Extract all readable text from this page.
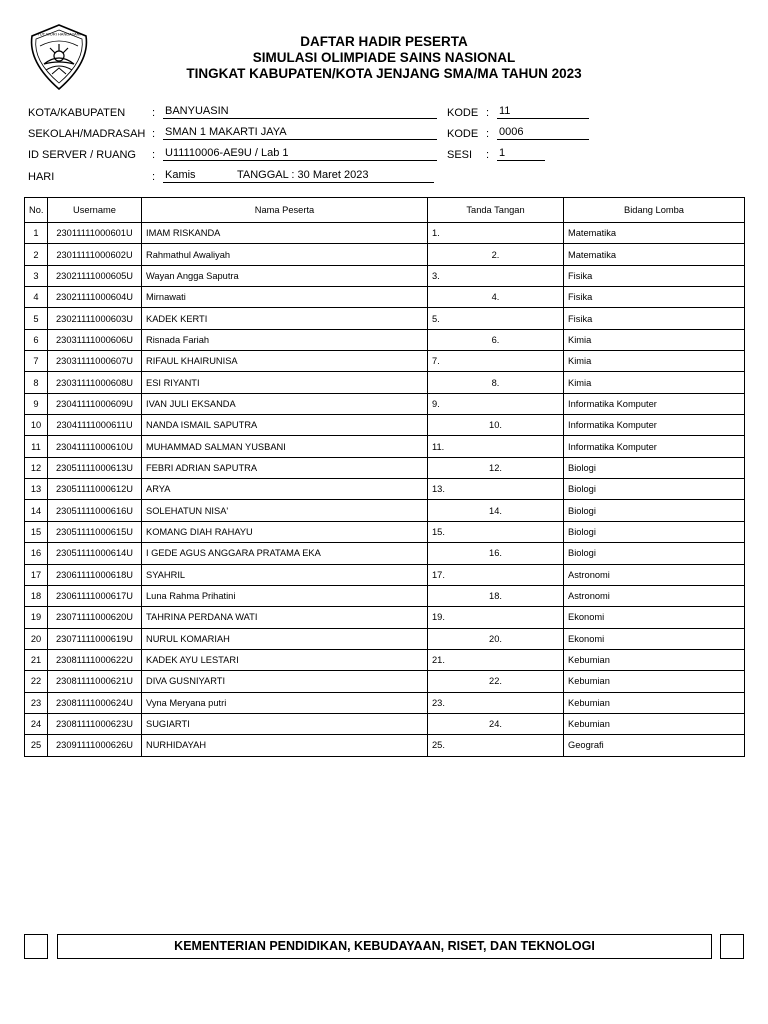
TUT WURI HANDAYANI	DAFTAR HADIR PESERTA
SIMULASI OLIMPIADE SAINS NASIONAL
TINGKAT KABUPATEN/KOTA JENJANG SMA/MA TAHUN 2023
KOTA/KABUPATEN : BANYUASIN
SEKOLAH/MADRASAH : SMAN 1 MAKARTI JAYA
ID SERVER / RUANG : U11110006-AE9U / Lab 1
HARI	: Kamis	TANGGAL : 30 Maret 2023
KODE : 11
KODE : 0006
SESI : 1
No.	Username	Nama Peserta	Tanda Tangan	Bidang Lomba
1	23011111000601U	IMAM RISKANDA	1.	Matematika
2	23011111000602U	Rahmathul Awaliyah	2.	Matematika
3	23021111000605U	Wayan Angga Saputra	3.	Fisika
4	23021111000604U	Mirnawati	4.	Fisika
5	23021111000603U	KADEK KERTI	5.	Fisika
6	23031111000606U	Risnada Fariah	6.	Kimia
7	23031111000607U	RIFAUL KHAIRUNISA	7.	Kimia
8	23031111000608U	ESI RIYANTI	8.	Kimia
9	23041111000609U	IVAN JULI EKSANDA	9.	Informatika Komputer
10	23041111000611U	NANDA ISMAIL SAPUTRA	10.	Informatika Komputer
11	23041111000610U	MUHAMMAD SALMAN YUSBANI	11.	Informatika Komputer
12	23051111000613U	FEBRI ADRIAN SAPUTRA	12.	Biologi
13	23051111000612U	ARYA	13.	Biologi
14	23051111000616U	SOLEHATUN NISA'	14.	Biologi
15	23051111000615U	KOMANG DIAH RAHAYU	15.	Biologi
16	23051111000614U	I GEDE AGUS ANGGARA PRATAMA EKA	16.	Biologi
17	23061111000618U	SYAHRIL	17.	Astronomi
18	23061111000617U	Luna Rahma Prihatini	18.	Astronomi
19	23071111000620U	TAHRINA PERDANA WATI	19.	Ekonomi
20	23071111000619U	NURUL KOMARIAH	20.	Ekonomi
21	23081111000622U	KADEK AYU LESTARI	21.	Kebumian
22	23081111000621U	DIVA GUSNIYARTI	22.	Kebumian
23	23081111000624U	Vyna Meryana putri	23.	Kebumian
24	23081111000623U	SUGIARTI	24.	Kebumian
25	23091111000626U	NURHIDAYAH	25.	Geografi
KEMENTERIAN PENDIDIKAN, KEBUDAYAAN, RISET, DAN TEKNOLOGI
